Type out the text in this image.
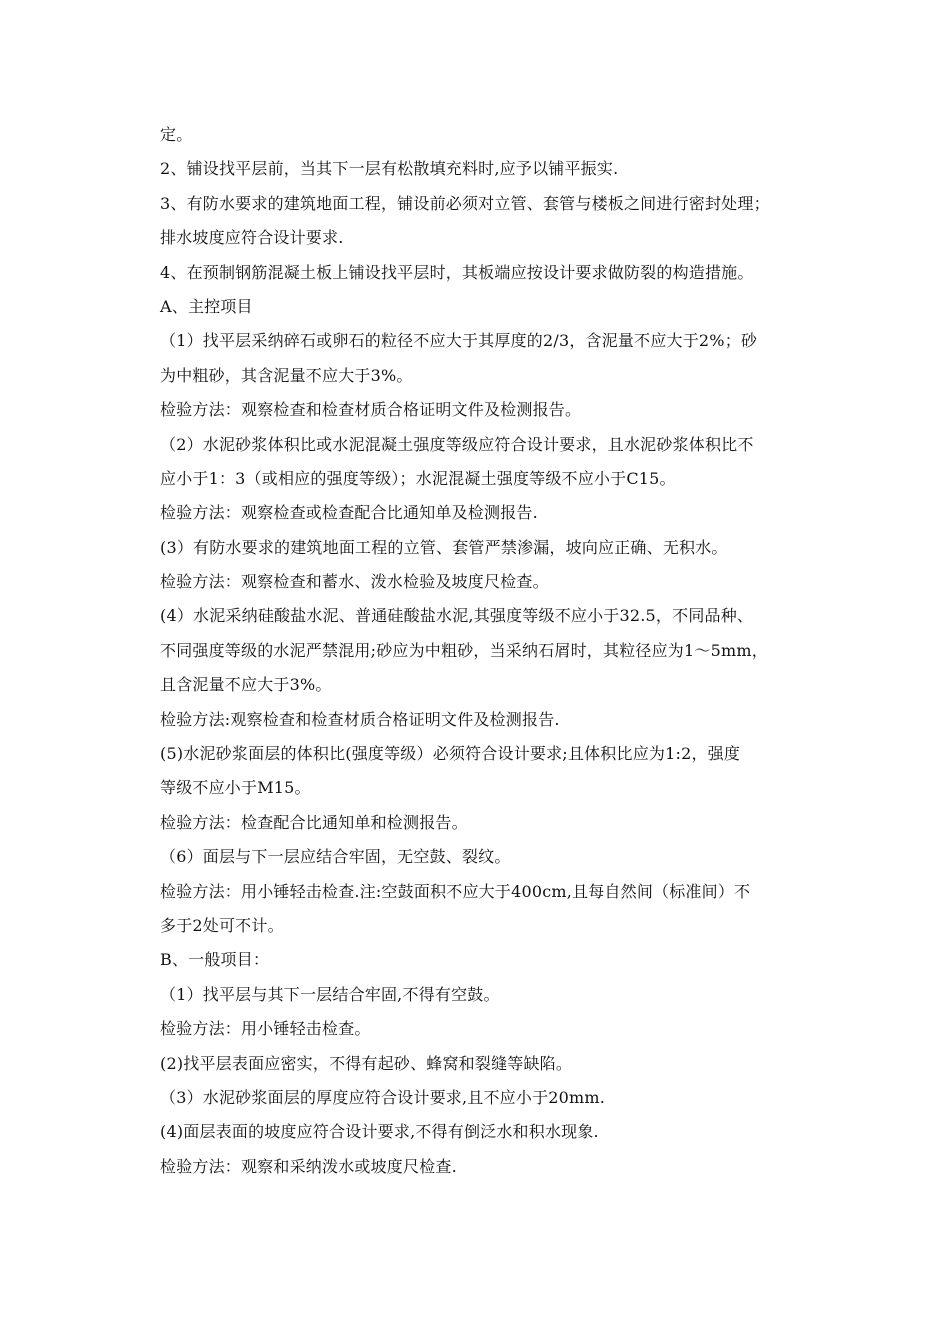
定。
2、铺设找平层前，当其下一层有松散填充料时,应予以铺平振实.
3、有防水要求的建筑地面工程，铺设前必须对立管、套管与楼板之间进行密封处理；
排水坡度应符合设计要求.
4、在预制钢筋混凝土板上铺设找平层时，其板端应按设计要求做防裂的构造措施。
A、主控项目
（1）找平层采纳碎石或卵石的粒径不应大于其厚度的2/3，含泥量不应大于2%；砂
为中粗砂，其含泥量不应大于3%。
检验方法：观察检查和检查材质合格证明文件及检测报告。
（2）水泥砂浆体积比或水泥混凝土强度等级应符合设计要求，且水泥砂浆体积比不
应小于1：3（或相应的强度等级）；水泥混凝土强度等级不应小于C15。
检验方法：观察检查或检查配合比通知单及检测报告.
(3）有防水要求的建筑地面工程的立管、套管严禁渗漏，坡向应正确、无积水。
检验方法：观察检查和蓄水、泼水检验及坡度尺检查。
(4）水泥采纳硅酸盐水泥、普通硅酸盐水泥,其强度等级不应小于32.5，不同品种、
不同强度等级的水泥严禁混用;砂应为中粗砂，当采纳石屑时，其粒径应为1～5mm，
且含泥量不应大于3%。
检验方法:观察检查和检查材质合格证明文件及检测报告.
(5)水泥砂浆面层的体积比(强度等级）必须符合设计要求;且体积比应为1:2，强度
等级不应小于M15。
检验方法：检查配合比通知单和检测报告。
（6）面层与下一层应结合牢固，无空鼓、裂纹。
检验方法：用小锤轻击检查.注:空鼓面积不应大于400cm,且每自然间（标准间）不
多于2处可不计。
B、一般项目：
（1）找平层与其下一层结合牢固,不得有空鼓。
检验方法：用小锤轻击检查。
(2)找平层表面应密实，不得有起砂、蜂窝和裂缝等缺陷。
（3）水泥砂浆面层的厚度应符合设计要求,且不应小于20mm.
(4)面层表面的坡度应符合设计要求,不得有倒泛水和积水现象.
检验方法：观察和采纳泼水或坡度尺检查.
